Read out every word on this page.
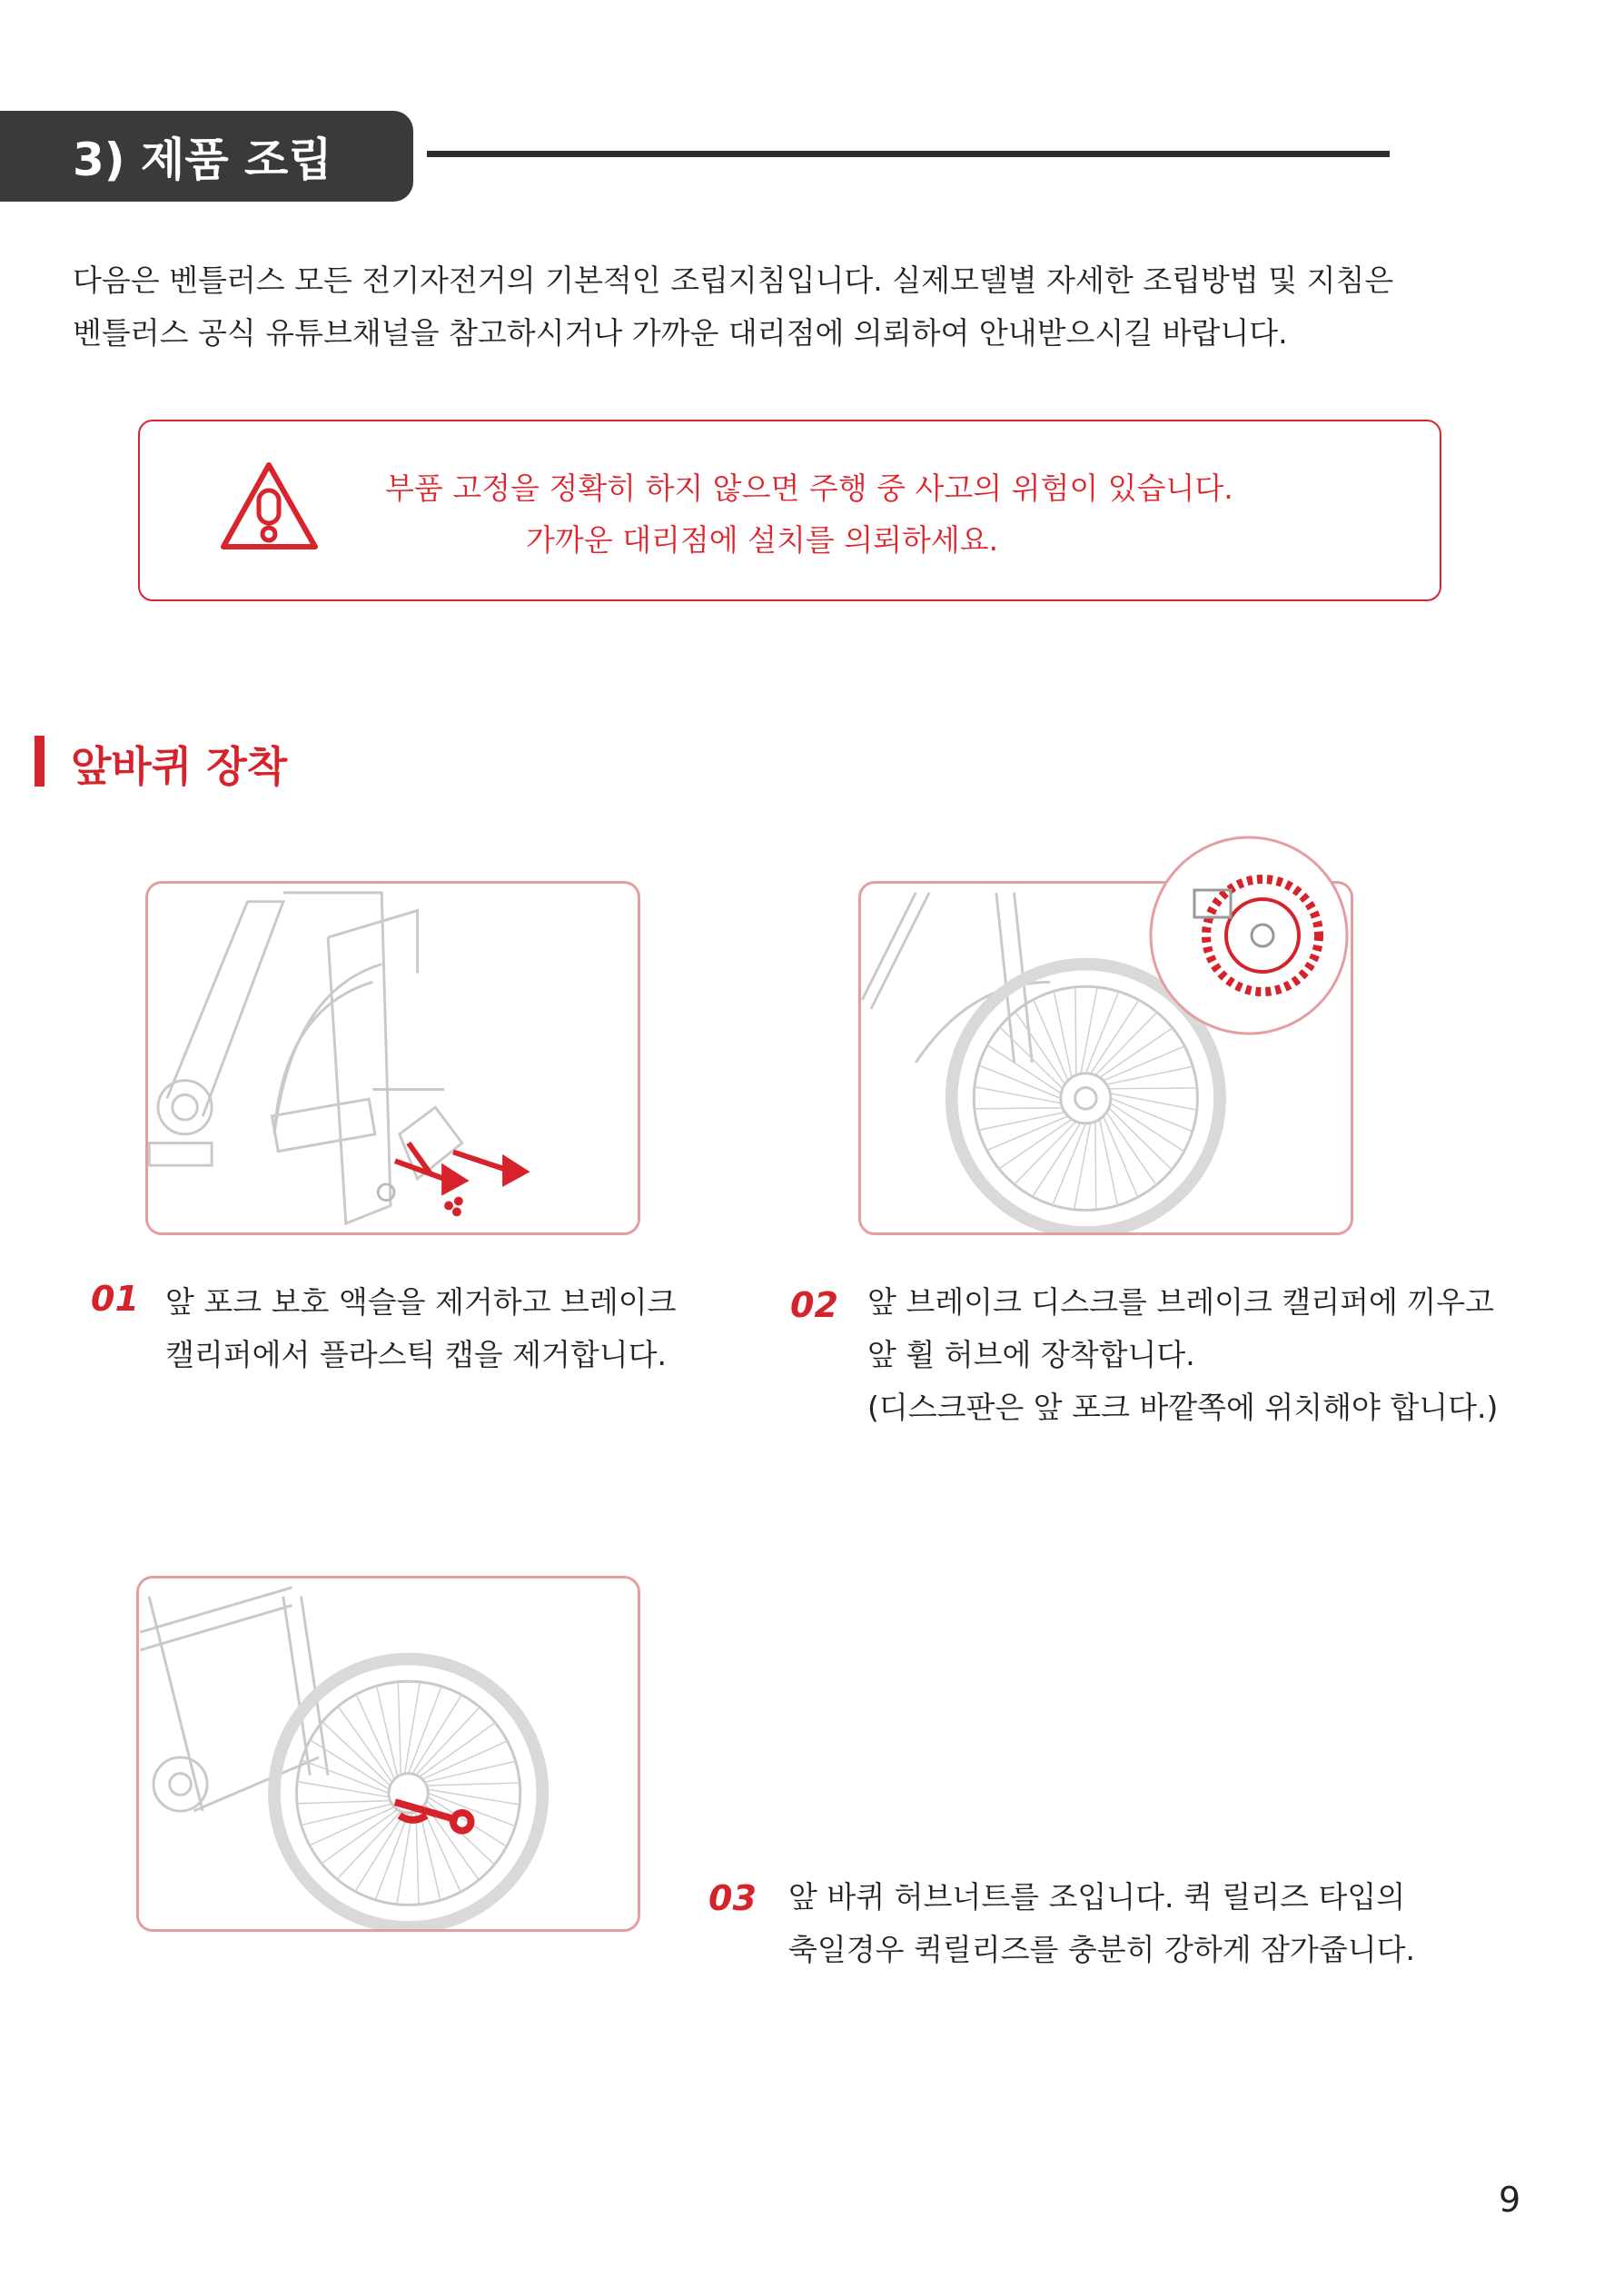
3) 제품 조립
다음은 벤틀러스 모든 전기자전거의 기본적인 조립지침입니다. 실제모델별 자세한 조립방법 및 지침은
벤틀러스 공식 유튜브채널을 참고하시거나 가까운 대리점에 의뢰하여 안내받으시길 바랍니다.
부품 고정을 정확히 하지 않으면 주행 중 사고의 위험이 있습니다.
가까운 대리점에 설치를 의뢰하세요.
앞바퀴 장착
01 앞 포크 보호 액슬을 제거하고 브레이크
캘리퍼에서 플라스틱 캡을 제거합니다.
02 앞 브레이크 디스크를 브레이크 캘리퍼에 끼우고
앞 휠 허브에 장착합니다.
(디스크판은 앞 포크 바깥쪽에 위치해야 합니다.)
03 앞 바퀴 허브너트를 조입니다. 퀵 릴리즈 타입의
축일경우 퀵릴리즈를 충분히 강하게 잠가줍니다.
9
